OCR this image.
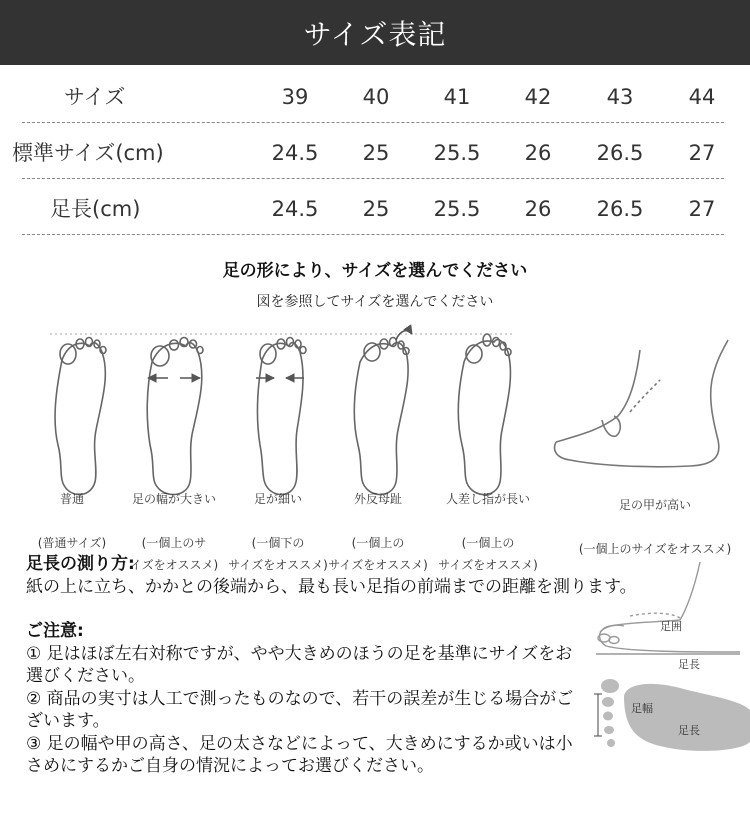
サイズ表記
サイズ	39	40	41	42	43	44
標準サイズ(cm)	24.5	25	25.5	26	26.5	27
足長(cm)	24.5	25	25.5	26	26.5	27
足の形により、サイズを選んでください
図を参照してサイズを選んでください

普通

(普通サイズ)

足の幅が大きい

(一個上のサ
イズをオススメ)

足が細い

(一個下の
サイズをオススメ)

外反母趾

(一個上の
サイズをオススメ)

人差し指が長い

(一個上の
サイズをオススメ)

足の甲が高い

(一個上のサイズをオススメ)

足囲
足長
足幅
足長

足長の測り方:

紙の上に立ち、かかとの後端から、最も長い足指の前端までの距離を測ります。

ご注意:

① 足はほぼ左右対称ですが、やや大きめのほうの足を基準にサイズをお選びください。

② 商品の実寸は人工で測ったものなので、若干の誤差が生じる場合がございます。

③ 足の幅や甲の高さ、足の太さなどによって、大きめにするか或いは小さめにするかご自身の情況によってお選びください。
